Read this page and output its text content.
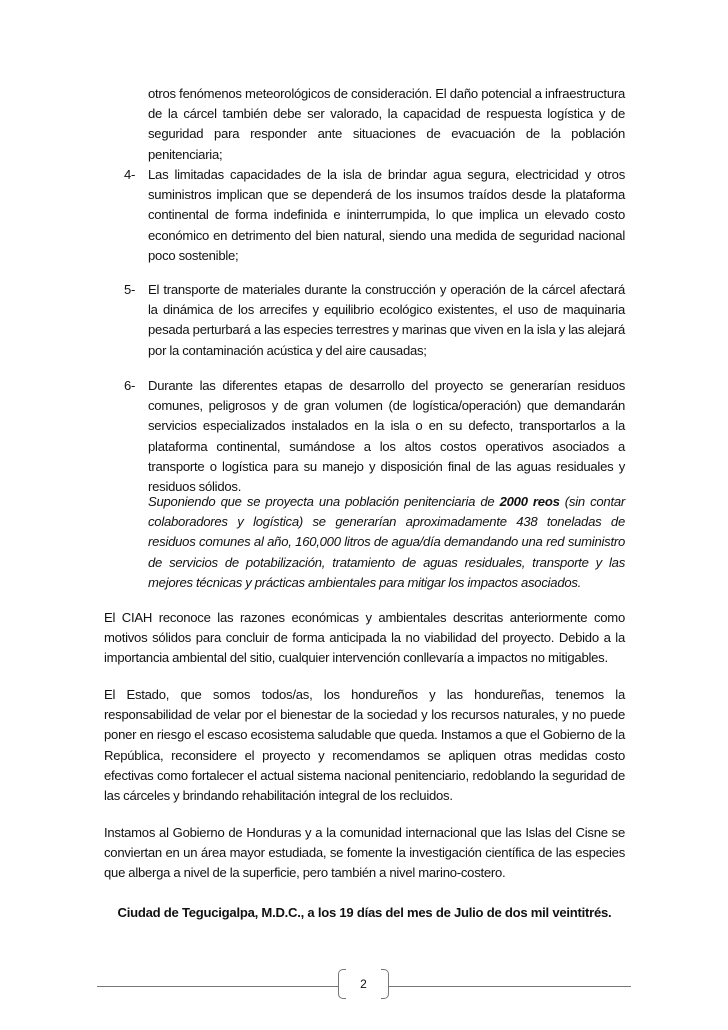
otros fenómenos meteorológicos de consideración. El daño potencial a infraestructura de la cárcel también debe ser valorado, la capacidad de respuesta logística y de seguridad para responder ante situaciones de evacuación de la población penitenciaria;
4- Las limitadas capacidades de la isla de brindar agua segura, electricidad y otros suministros implican que se dependerá de los insumos traídos desde la plataforma continental de forma indefinida e ininterrumpida, lo que implica un elevado costo económico en detrimento del bien natural, siendo una medida de seguridad nacional poco sostenible;
5- El transporte de materiales durante la construcción y operación de la cárcel afectará la dinámica de los arrecifes y equilibrio ecológico existentes, el uso de maquinaria pesada perturbará a las especies terrestres y marinas que viven en la isla y las alejará por la contaminación acústica y del aire causadas;
6- Durante las diferentes etapas de desarrollo del proyecto se generarían residuos comunes, peligrosos y de gran volumen (de logística/operación) que demandarán servicios especializados instalados en la isla o en su defecto, transportarlos a la plataforma continental, sumándose a los altos costos operativos asociados a transporte o logística para su manejo y disposición final de las aguas residuales y residuos sólidos.
Suponiendo que se proyecta una población penitenciaria de 2000 reos (sin contar colaboradores y logística) se generarían aproximadamente 438 toneladas de residuos comunes al año, 160,000 litros de agua/día demandando una red suministro de servicios de potabilización, tratamiento de aguas residuales, transporte y las mejores técnicas y prácticas ambientales para mitigar los impactos asociados.
El CIAH reconoce las razones económicas y ambientales descritas anteriormente como motivos sólidos para concluir de forma anticipada la no viabilidad del proyecto. Debido a la importancia ambiental del sitio, cualquier intervención conllevaría a impactos no mitigables.
El Estado, que somos todos/as, los hondureños y las hondureñas, tenemos la responsabilidad de velar por el bienestar de la sociedad y los recursos naturales, y no puede poner en riesgo el escaso ecosistema saludable que queda. Instamos a que el Gobierno de la República, reconsidere el proyecto y recomendamos se apliquen otras medidas costo efectivas como fortalecer el actual sistema nacional penitenciario, redoblando la seguridad de las cárceles y brindando rehabilitación integral de los recluidos.
Instamos al Gobierno de Honduras y a la comunidad internacional que las Islas del Cisne se conviertan en un área mayor estudiada, se fomente la investigación científica de las especies que alberga a nivel de la superficie, pero también a nivel marino-costero.
Ciudad de Tegucigalpa, M.D.C., a los 19 días del mes de Julio de dos mil veintitrés.
2
